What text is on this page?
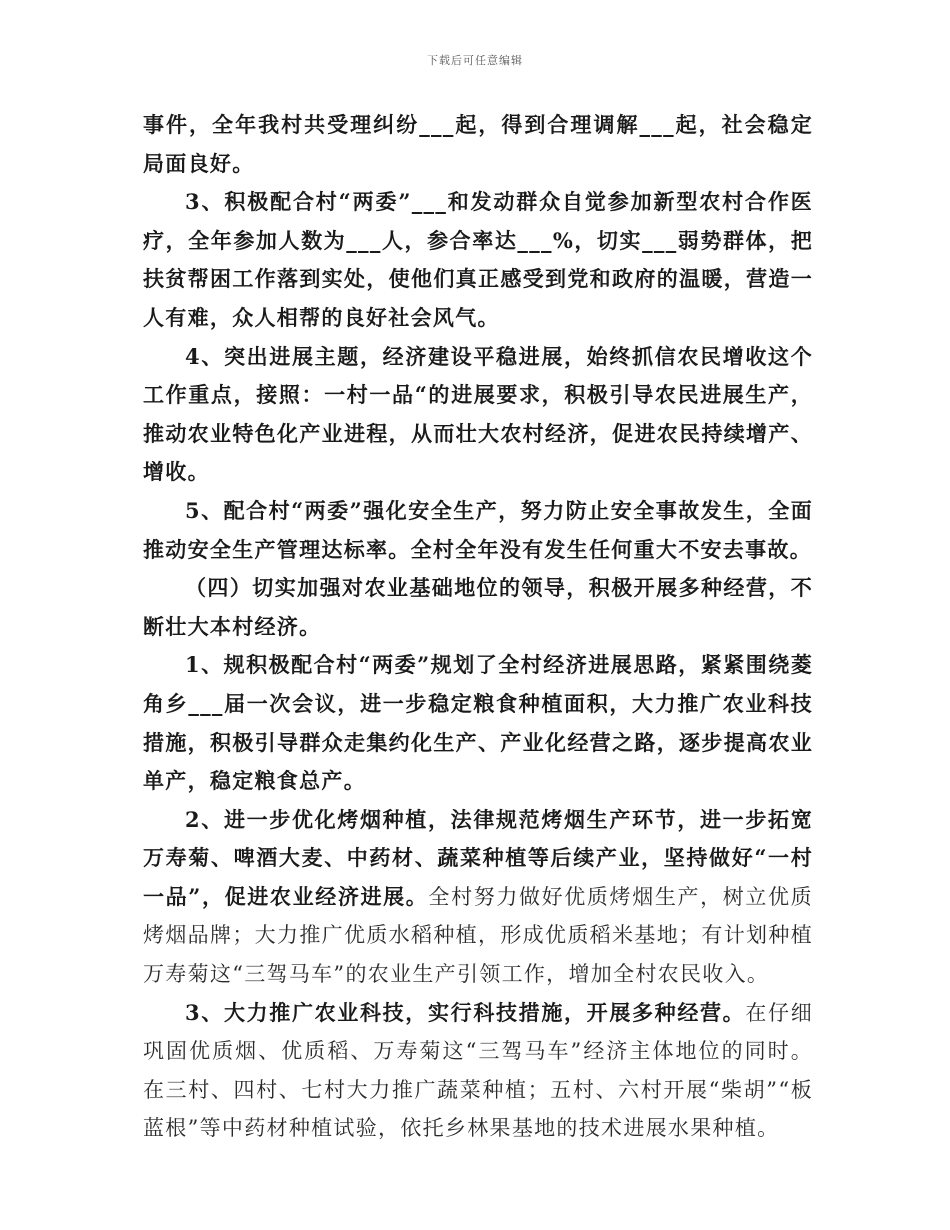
下载后可任意编辑

事件，全年我村共受理纠纷___起，得到合理调解___起，社会稳定局面良好。

3、积极配合村“两委”___和发动群众自觉参加新型农村合作医疗，全年参加人数为___人，参合率达___%，切实___弱势群体，把扶贫帮困工作落到实处，使他们真正感受到党和政府的温暖，营造一人有难，众人相帮的良好社会风气。

4、突出进展主题，经济建设平稳进展，始终抓信农民增收这个工作重点，接照：一村一品“的进展要求，积极引导农民进展生产，推动农业特色化产业进程，从而壮大农村经济，促进农民持续增产、增收。

5、配合村“两委”强化安全生产，努力防止安全事故发生，全面推动安全生产管理达标率。全村全年没有发生任何重大不安去事故。

（四）切实加强对农业基础地位的领导，积极开展多种经营，不断壮大本村经济。

1、规积极配合村“两委”规划了全村经济进展思路，紧紧围绕菱角乡___届一次会议，进一步稳定粮食种植面积，大力推广农业科技措施，积极引导群众走集约化生产、产业化经营之路，逐步提高农业单产，稳定粮食总产。

2、进一步优化烤烟种植，法律规范烤烟生产环节，进一步拓宽万寿菊、啤酒大麦、中药材、蔬菜种植等后续产业，坚持做好“一村一品”，促进农业经济进展。全村努力做好优质烤烟生产，树立优质烤烟品牌；大力推广优质水稻种植，形成优质稻米基地；有计划种植万寿菊这“三驾马车”的农业生产引领工作，增加全村农民收入。

3、大力推广农业科技，实行科技措施，开展多种经营。在仔细巩固优质烟、优质稻、万寿菊这“三驾马车”经济主体地位的同时。在三村、四村、七村大力推广蔬菜种植；五村、六村开展“柴胡”“板蓝根”等中药材种植试验，依托乡林果基地的技术进展水果种植。
